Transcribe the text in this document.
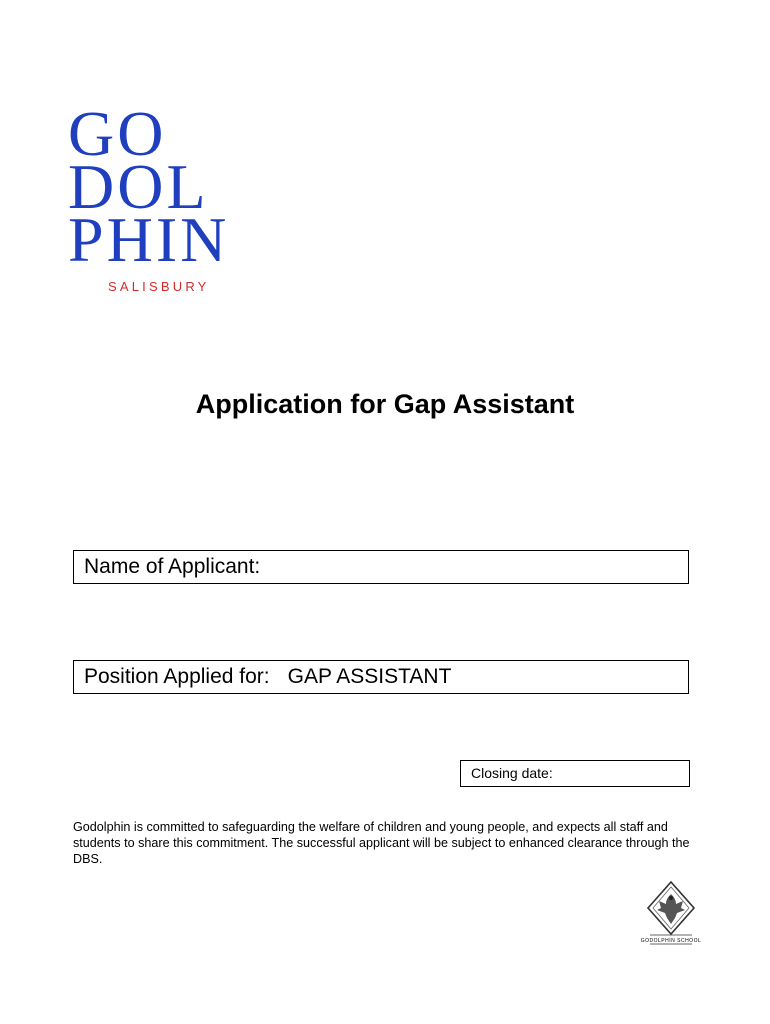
GO
DOL
PHIN
SALISBURY
Application for Gap Assistant
Name of Applicant:
Position Applied for: GAP ASSISTANT
Closing date:
Godolphin is committed to safeguarding the welfare of children and young people, and expects all staff and students to share this commitment. The successful applicant will be subject to enhanced clearance through the DBS.
GODOLPHIN SCHOOL
